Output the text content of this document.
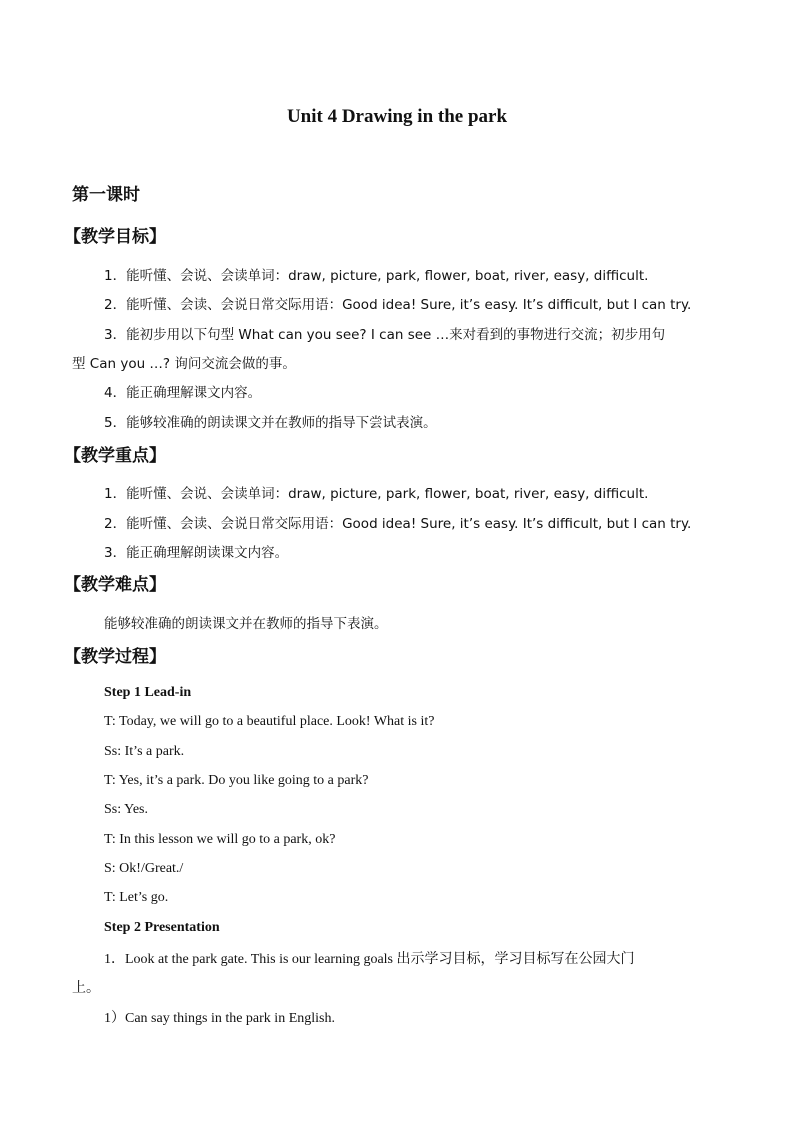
Unit 4 Drawing in the park
第一课时
【教学目标】
1．能听懂、会说、会读单词：draw, picture, park, flower, boat, river, easy, difficult.
2．能听懂、会读、会说日常交际用语：Good idea! Sure, it’s easy. It’s difficult, but I can try.
3．能初步用以下句型 What can you see? I can see …来对看到的事物进行交流；初步用句
型 Can you …? 询问交流会做的事。
4．能正确理解课文内容。
5．能够较准确的朗读课文并在教师的指导下尝试表演。
【教学重点】
1．能听懂、会说、会读单词：draw, picture, park, flower, boat, river, easy, difficult.
2．能听懂、会读、会说日常交际用语：Good idea! Sure, it’s easy. It’s difficult, but I can try.
3．能正确理解朗读课文内容。
【教学难点】
能够较准确的朗读课文并在教师的指导下表演。
【教学过程】
Step 1 Lead-in
T: Today, we will go to a beautiful place. Look! What is it?
Ss: It’s a park.
T: Yes, it’s a park. Do you like going to a park?
Ss: Yes.
T: In this lesson we will go to a park, ok?
S: Ok!/Great./
T: Let’s go.
Step 2 Presentation
1．Look at the park gate. This is our learning goals 出示学习目标，学习目标写在公园大门
上。
1）Can say things in the park in English.
